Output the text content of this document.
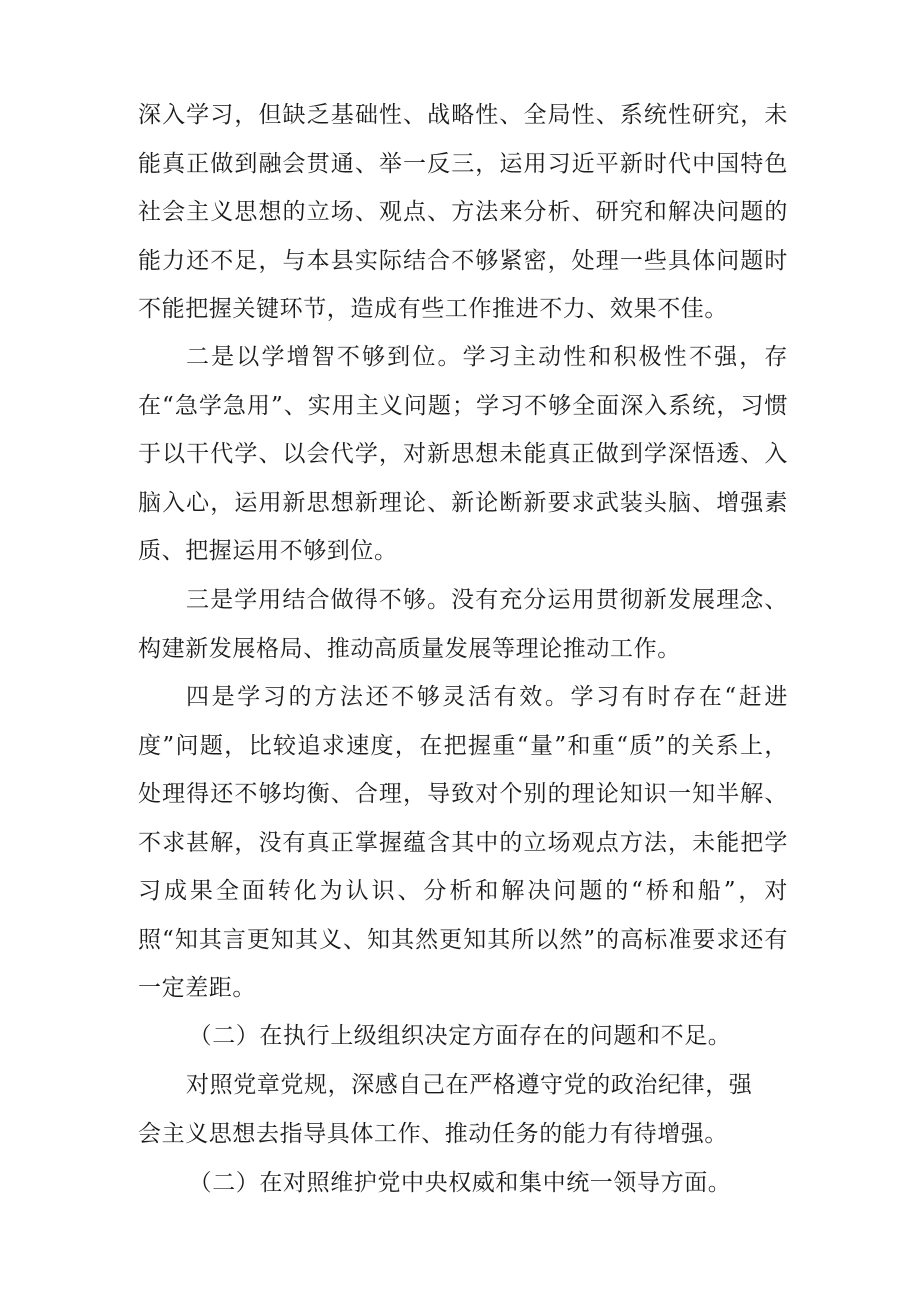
深入学习，但缺乏基础性、战略性、全局性、系统性研究，未能真正做到融会贯通、举一反三，运用习近平新时代中国特色社会主义思想的立场、观点、方法来分析、研究和解决问题的能力还不足，与本县实际结合不够紧密，处理一些具体问题时不能把握关键环节，造成有些工作推进不力、效果不佳。

二是以学增智不够到位。学习主动性和积极性不强，存在“急学急用”、实用主义问题；学习不够全面深入系统，习惯于以干代学、以会代学，对新思想未能真正做到学深悟透、入脑入心，运用新思想新理论、新论断新要求武装头脑、增强素质、把握运用不够到位。

三是学用结合做得不够。没有充分运用贯彻新发展理念、构建新发展格局、推动高质量发展等理论推动工作。

四是学习的方法还不够灵活有效。学习有时存在“赶进度”问题，比较追求速度，在把握重“量”和重“质”的关系上，处理得还不够均衡、合理，导致对个别的理论知识一知半解、不求甚解，没有真正掌握蕴含其中的立场观点方法，未能把学习成果全面转化为认识、分析和解决问题的“桥和船”，对照“知其言更知其义、知其然更知其所以然”的高标准要求还有一定差距。

（二）在执行上级组织决定方面存在的问题和不足。

对照党章党规，深感自己在严格遵守党的政治纪律，强

会主义思想去指导具体工作、推动任务的能力有待增强。

（二）在对照维护党中央权威和集中统一领导方面。
